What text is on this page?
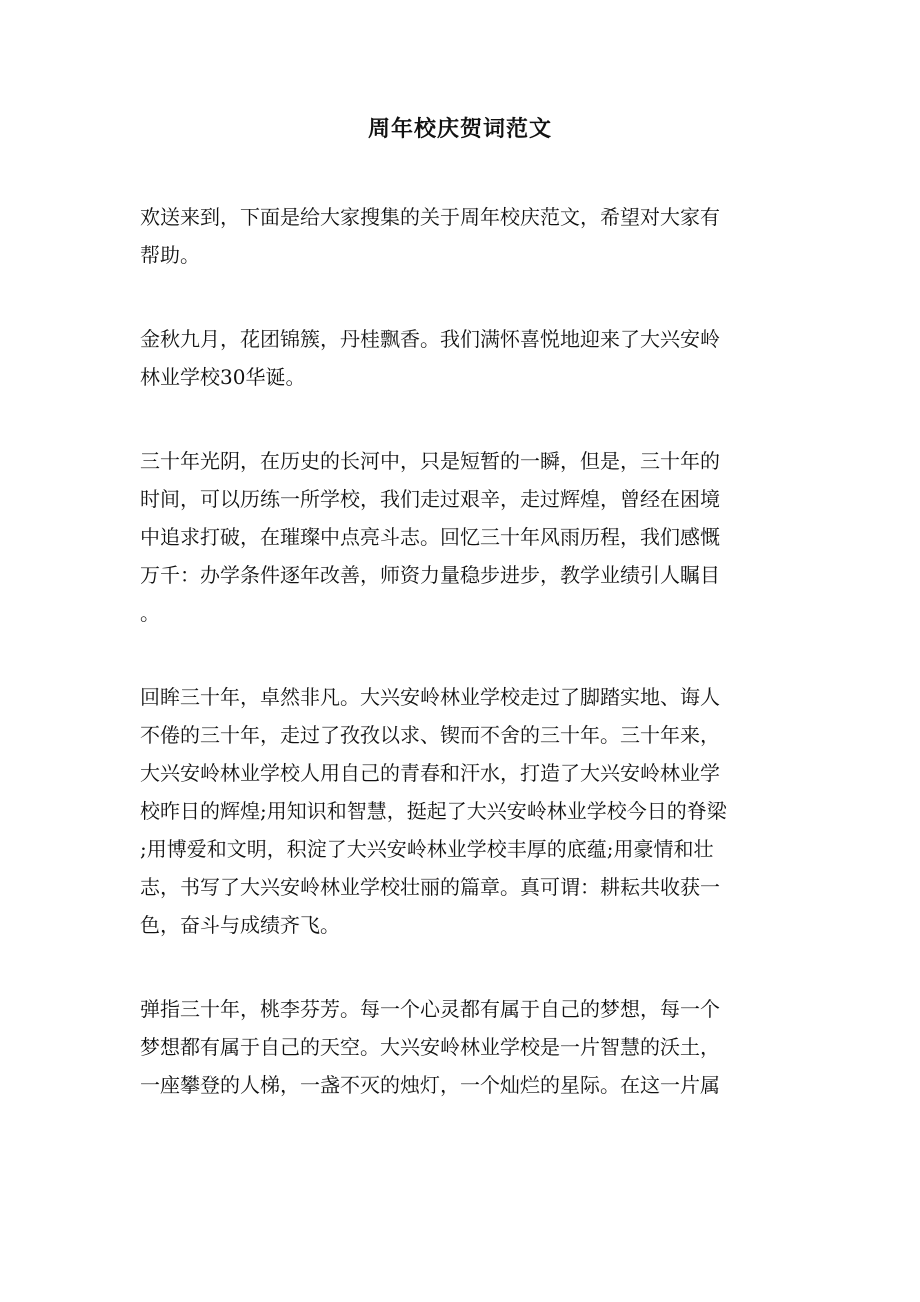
周年校庆贺词范文

欢送来到，下面是给大家搜集的关于周年校庆范文，希望对大家有
帮助。

金秋九月，花团锦簇，丹桂飘香。我们满怀喜悦地迎来了大兴安岭
林业学校30华诞。

三十年光阴，在历史的长河中，只是短暂的一瞬，但是，三十年的
时间，可以历练一所学校，我们走过艰辛，走过辉煌，曾经在困境
中追求打破，在璀璨中点亮斗志。回忆三十年风雨历程，我们感慨
万千：办学条件逐年改善，师资力量稳步进步，教学业绩引人瞩目
。

回眸三十年，卓然非凡。大兴安岭林业学校走过了脚踏实地、诲人
不倦的三十年，走过了孜孜以求、锲而不舍的三十年。三十年来，
大兴安岭林业学校人用自己的青春和汗水，打造了大兴安岭林业学
校昨日的辉煌;用知识和智慧，挺起了大兴安岭林业学校今日的脊梁
;用博爱和文明，积淀了大兴安岭林业学校丰厚的底蕴;用豪情和壮
志，书写了大兴安岭林业学校壮丽的篇章。真可谓：耕耘共收获一
色，奋斗与成绩齐飞。

弹指三十年，桃李芬芳。每一个心灵都有属于自己的梦想，每一个
梦想都有属于自己的天空。大兴安岭林业学校是一片智慧的沃土，
一座攀登的人梯，一盏不灭的烛灯，一个灿烂的星际。在这一片属
